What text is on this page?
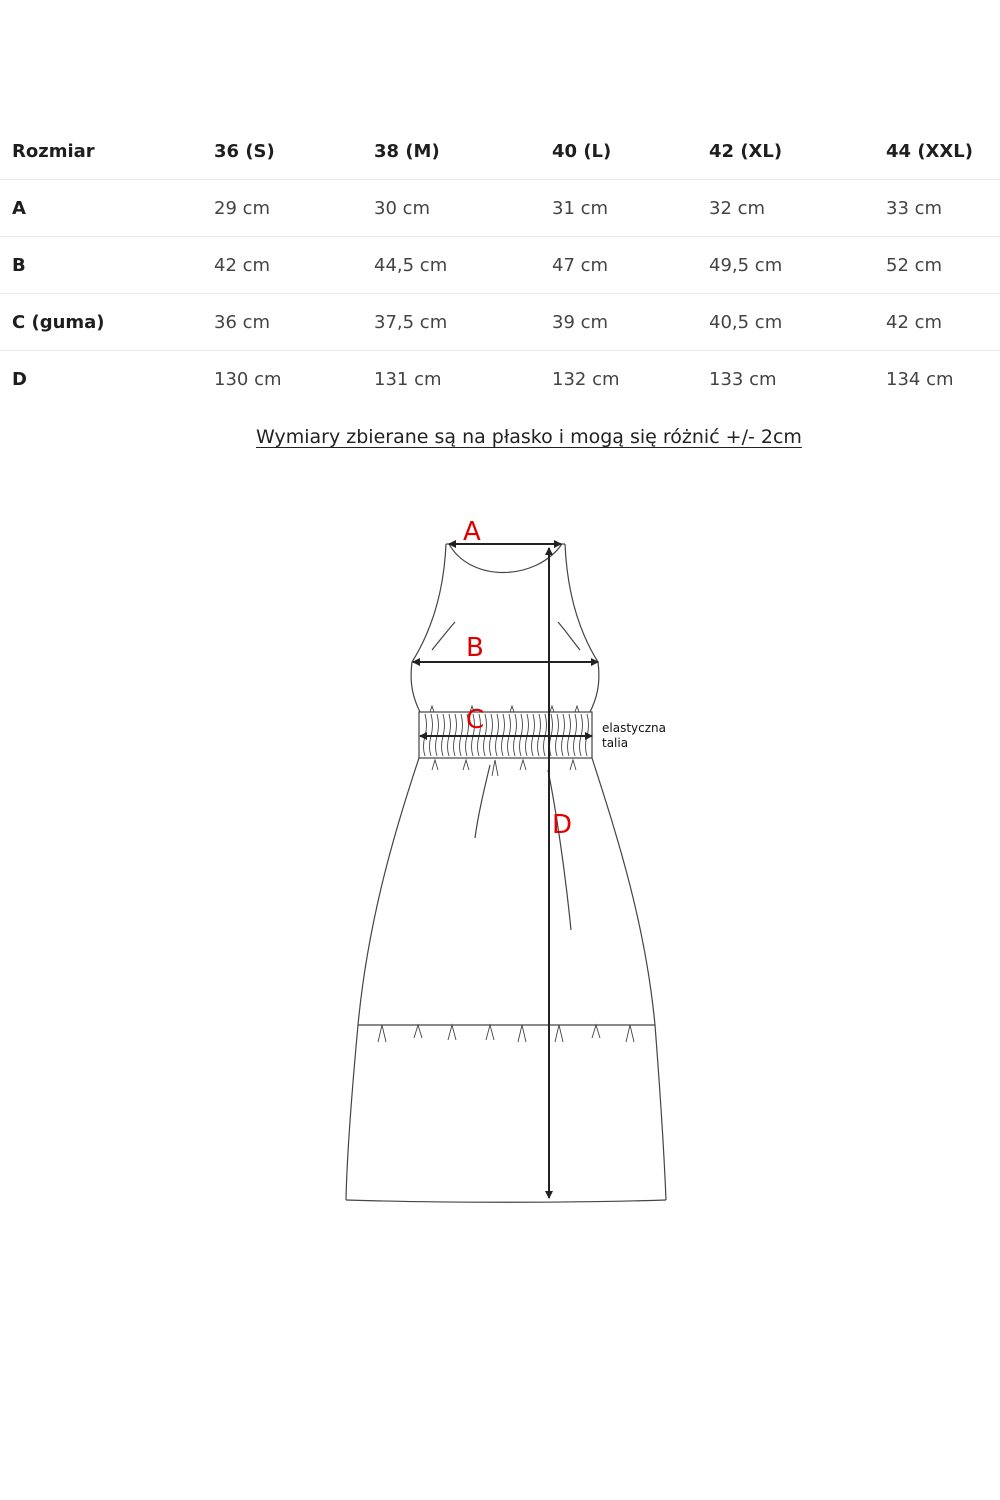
Rozmiar	36 (S)	38 (M)	40 (L)	42 (XL)	44 (XXL)
A	29 cm	30 cm	31 cm	32 cm	33 cm
B	42 cm	44,5 cm	47 cm	49,5 cm	52 cm
C (guma)	36 cm	37,5 cm	39 cm	40,5 cm	42 cm
D	130 cm	131 cm	132 cm	133 cm	134 cm
Wymiary zbierane są na płasko i mogą się różnić +/- 2cm
A
B
C
D
elastyczna
talia
